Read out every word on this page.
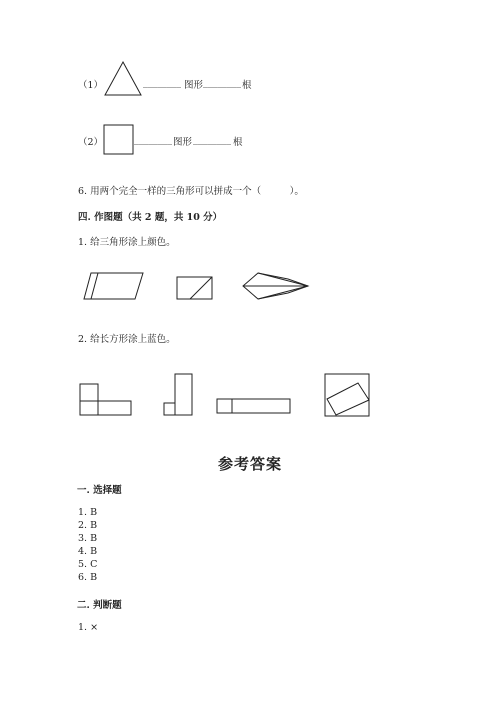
（1）	________ 图形 ________ 根
（2）	________ 图形 ________ 根
6. 用两个完全一样的三角形可以拼成一个（　　　）。
四. 作图题（共 2 题，共 10 分）
1. 给三角形涂上颜色。
2. 给长方形涂上蓝色。
参考答案
一. 选择题
1. B
2. B
3. B
4. B
5. C
6. B
二. 判断题
1. ×
